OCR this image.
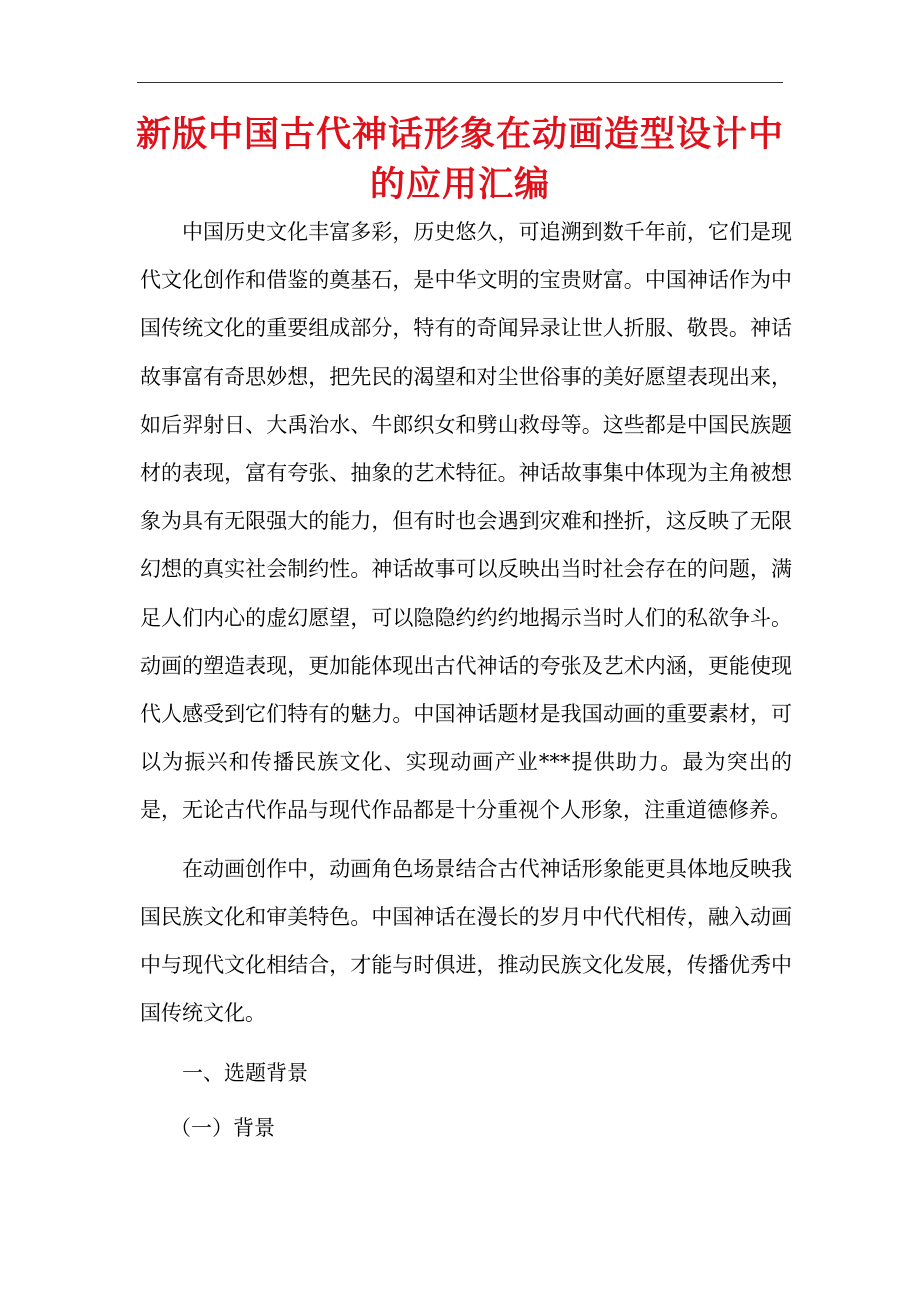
新版中国古代神话形象在动画造型设计中
的应用汇编

中国历史文化丰富多彩，历史悠久，可追溯到数千年前，它们是现代文化创作和借鉴的奠基石，是中华文明的宝贵财富。中国神话作为中国传统文化的重要组成部分，特有的奇闻异录让世人折服、敬畏。神话故事富有奇思妙想，把先民的渴望和对尘世俗事的美好愿望表现出来，如后羿射日、大禹治水、牛郎织女和劈山救母等。这些都是中国民族题材的表现，富有夸张、抽象的艺术特征。神话故事集中体现为主角被想象为具有无限强大的能力，但有时也会遇到灾难和挫折，这反映了无限幻想的真实社会制约性。神话故事可以反映出当时社会存在的问题，满足人们内心的虚幻愿望，可以隐隐约约约地揭示当时人们的私欲争斗。动画的塑造表现，更加能体现出古代神话的夸张及艺术内涵，更能使现代人感受到它们特有的魅力。中国神话题材是我国动画的重要素材，可以为振兴和传播民族文化、实现动画产业***提供助力。最为突出的是，无论古代作品与现代作品都是十分重视个人形象，注重道德修养。

在动画创作中，动画角色场景结合古代神话形象能更具体地反映我国民族文化和审美特色。中国神话在漫长的岁月中代代相传，融入动画中与现代文化相结合，才能与时俱进，推动民族文化发展，传播优秀中国传统文化。

一、选题背景

（一）背景
